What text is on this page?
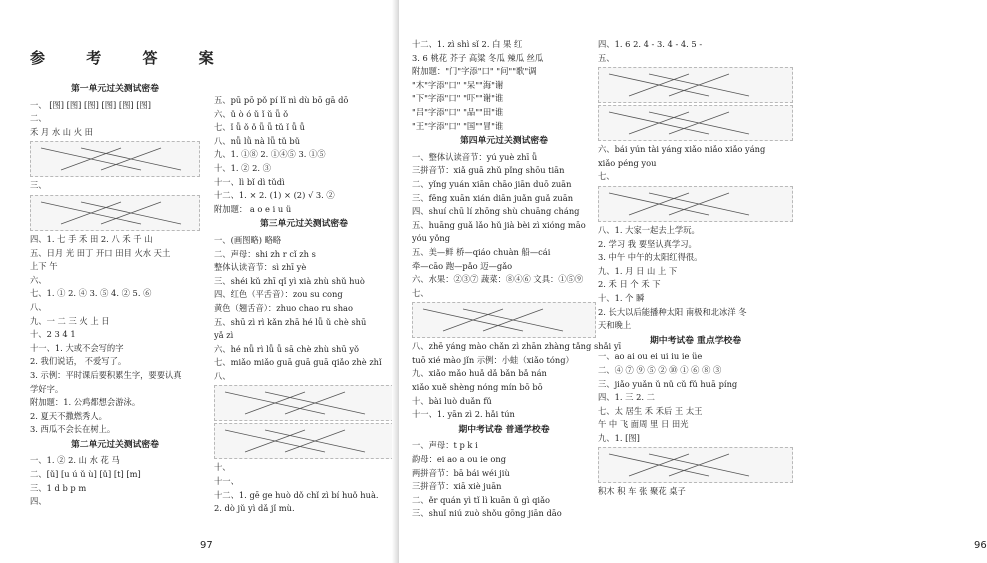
参 考 答 案
第一单元过关测试密卷
一、 [图] [图] [图] [图] [图] [图]
二、
禾 月 水 山 火 田
三、
四、1. 七 手 禾 田 2. 八 禾 千 山
五、日月 光 田丁 开口 田目 火水 天土
上下 午
六、
七、1. ① 2. ④ 3. ⑤ 4. ② 5. ⑥
八、
九、一 二 三 火 上 日
十、2 3 4 1
十一、1. 大或不会写的字
2. 我们说话， 不爱写了。
3. 示例：平时课后要积累生字，要要认真
学好字。
附加题：1. 公鸡都想会游泳。
2. 夏天不撒燃秀人。
3. 西瓜不会长在树上。
第二单元过关测试密卷
一、1. ② 2. 山 水 花 马
二、[ǔ] [u ú ǔ ù] [ǔ] [t] [m]
三、1 d b p m
四、
五、pū pō pǒ pí lǐ nì dù bō gā dō
六、ǔ ò ó ǔ ǐ ǔ ǚ ǒ
七、ǐ ǚ ǒ ǒ ǚ ǚ tǔ ǐ ǚ ǚ
八、nǚ lǜ nà lǚ tǔ bǔ
九、1. ①⑧ 2. ①④⑤ 3. ①⑤
十、1. ② 2. ③
十一、lì bǐ dì tǔdì
十二、1. × 2. (1) × (2) √ 3. ②
附加题： a o e i u ü
第三单元过关测试密卷
一、(画图略) 略略
二、声母：shi zh r cǐ zh s
整体认读音节：sì zhī yè
三、shéi kǔ zhī qǐ yì xià zhù shǔ huò
四、红色（平舌音）：zou su cong
黄色（翘舌音）：zhuo chao ru shao
五、shū zì rì kǎn zhā hé lǚ ǔ chè shū
yǎ zì
六、hé nǚ rì lǚ ǚ sā chè zhù shū yǒ
七、miǎo miǎo guā guā guā qiǎo zhè zhǐ
八、
十、
十一、
十二、1. gē ge huò dǒ chǐ zì bí huǒ huà.
2. dò jǔ yì dǎ jǐ mù.
97
十二、1. zì shì sǐ 2. 白 果 红
3. 6 桃花 芥子 高粱 冬瓜 辣瓜 丝瓜
附加题："门"字添"口" "问""歌"调
"木"字添"口" "呆""海"谢
"下"字添"口" "吓""谢"谁
"吕"字添"口" "品""田"谁
"王"字添"口" "国""冒"谁
第四单元过关测试密卷
一、整体认读音节：yú yuè zhī ǚ
三拼音节：xiǎ guā zhǔ pǐng shōu tiān
二、yǐng yuán xiān chāo jiān duō zuān
三、fēng xuān xián diān juǎn guǎ zuān
四、shuí chū lí zhōng shù chuāng cháng
五、huāng guǎ lǎo hǔ jià bèi zì xióng māo
yóu yǒng
五、美—鲜 桥—qiáo chuàn 船—cái
牵—cāo 跑—pǎo 迈—gǎo
六、水果：②③⑦ 蔬菜：⑧④⑥ 文具：①⑤⑨
七、
八、zhē yáng mào chǎn zì zhān zhàng tǎng shǎi yī
tuō xié mào jǐn 示例：小蛙（xiǎo tóng）
九、xiǎo mǎo huǎ dǎ bǎn bǎ nán
xiǎo xuě shèng nóng mín bō bō
十、bài luò duǎn fǔ
十一、1. yān zì 2. hǎi tún
期中考试卷 普通学校卷
一、声母：t p k i
韵母：ei ao a ou ie ong
两拼音节：bā bái wéi jiù
三拼音节：xiā xiè juān
二、ěr quán yì tǐ lì kuān ǔ gì qiǎo
三、shuǐ niú zuò shǒu gōng jiān dāo
四、1. 6 2. 4 - 3. 4 - 4. 5 -
五、
六、bái yún tài yáng xiǎo niǎo xiǎo yáng
xiǎo péng you
七、
八、1. 大家一起去上学玩。
2. 学习 我 要坚认真学习。
3. 中午 中午的太阳红得很。
九、1. 月 日 山 上 下
2. 禾 日 个 禾 下
十、1. 个 瞬
2. 长大以后能播种太阳 南极和北冰洋 冬
天和晚上
期中考试卷 重点学校卷
一、ao ai ou ei ui iu ie üe
二、④ ⑦ ⑨ ⑤ ② ⑩ ① ⑥ ⑧ ③
三、jiǎo yuǎn ǔ nǔ cǔ fǔ huā píng
四、1. 三 2. 二
七、太 居生 禾 禾后 王 太王
午 中 飞 面周 里 日 田光
九、1. [图]
积木 积 车 张 聚花 桌子
96
